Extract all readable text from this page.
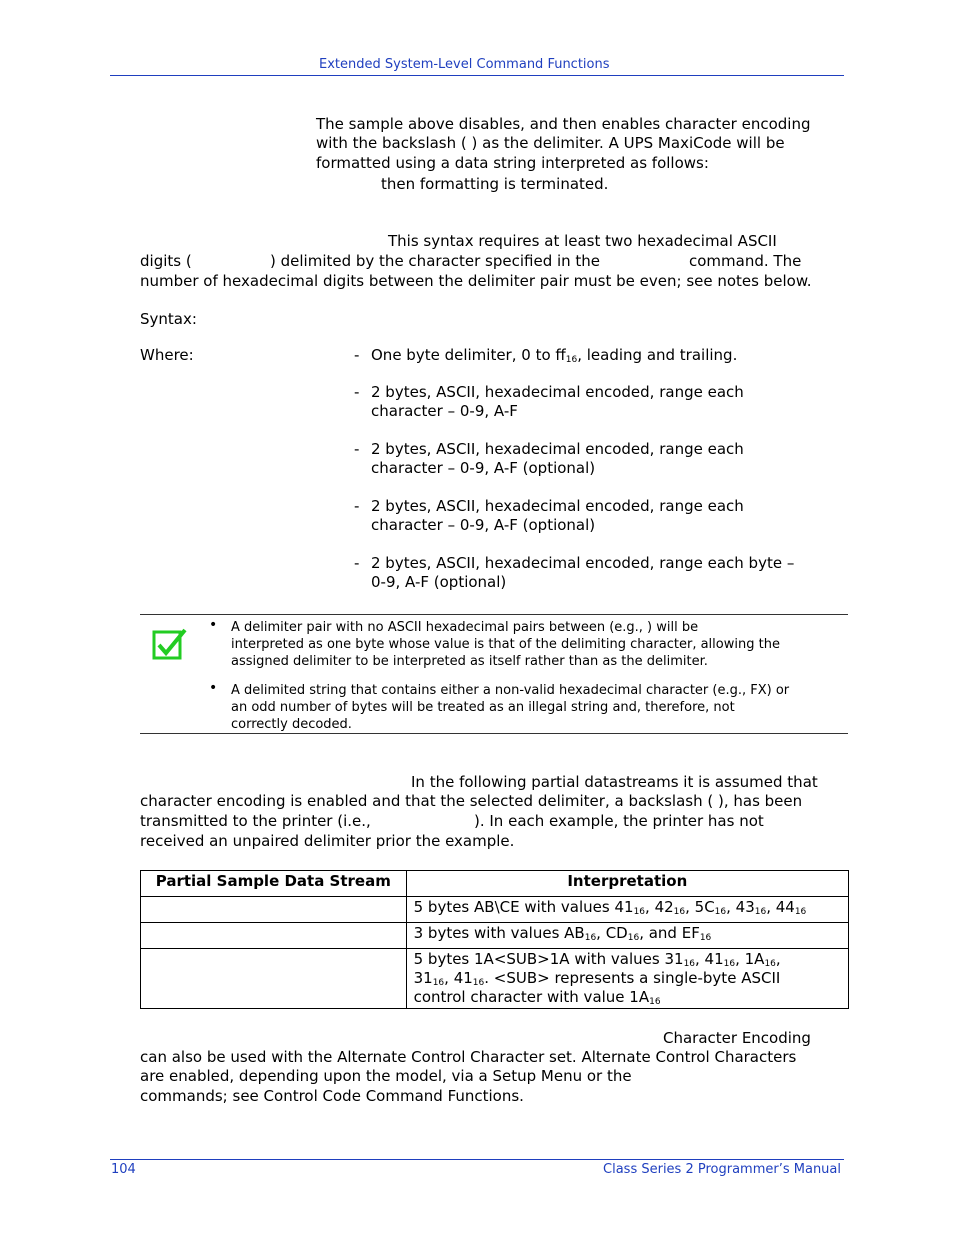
Extended System-Level Command Functions
The sample above disables, and then enables character encoding
with the backslash ( ) as the delimiter. A UPS MaxiCode will be
formatted using a data string interpreted as follows:
then formatting is terminated.
This syntax requires at least two hexadecimal ASCII
digits (	) delimited by the character specified in the	command. The
number of hexadecimal digits between the delimiter pair must be even; see notes below.
Syntax:
Where:	- One byte delimiter, 0 to $ff_{16}$, leading and trailing.
- 2 bytes, ASCII, hexadecimal encoded, range each
character – 0-9, A-F
- 2 bytes, ASCII, hexadecimal encoded, range each
character – 0-9, A-F (optional)
- 2 bytes, ASCII, hexadecimal encoded, range each
character – 0-9, A-F (optional)
- 2 bytes, ASCII, hexadecimal encoded, range each byte –
0-9, A-F (optional)
• A delimiter pair with no ASCII hexadecimal pairs between (e.g., ) will be
interpreted as one byte whose value is that of the delimiting character, allowing the
assigned delimiter to be interpreted as itself rather than as the delimiter.
• A delimited string that contains either a non-valid hexadecimal character (e.g., FX) or
an odd number of bytes will be treated as an illegal string and, therefore, not
correctly decoded.
In the following partial datastreams it is assumed that
character encoding is enabled and that the selected delimiter, a backslash ( ), has been
transmitted to the printer (i.e.,	). In each example, the printer has not
received an unpaired delimiter prior the example.
Partial Sample Data Stream	Interpretation
	5 bytes AB\CE with values $41_{16}$, $42_{16}$, $5C_{16}$, $43_{16}$, $44_{16}$
	3 bytes with values $AB_{16}$, $CD_{16}$, and $EF_{16}$
	5 bytes 1A<SUB>1A with values $31_{16}$, $41_{16}$, $1A_{16}$,
$31_{16}$, $41_{16}$. <SUB> represents a single-byte ASCII
control character with value $1A_{16}$
Character Encoding
can also be used with the Alternate Control Character set. Alternate Control Characters
are enabled, depending upon the model, via a Setup Menu or the
commands; see Control Code Command Functions.
104	Class Series 2 Programmer’s Manual
